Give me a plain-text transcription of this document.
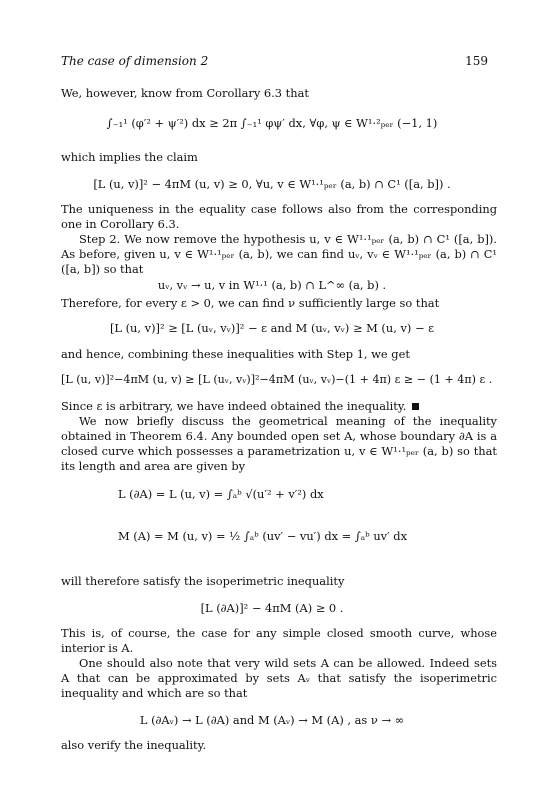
The case of dimension 2	159

We, however, know from Corollary 6.3 that

∫₋₁¹ (φ′² + ψ′²) dx ≥ 2π ∫₋₁¹ φψ′ dx, ∀φ, ψ ∈ W¹·²ₚₑᵣ (−1, 1)

which implies the claim

[L (u, v)]² − 4πM (u, v) ≥ 0, ∀u, v ∈ W¹·¹ₚₑᵣ (a, b) ∩ C¹ ([a, b]) .

The uniqueness in the equality case follows also from the corresponding one in Corollary 6.3.

Step 2. We now remove the hypothesis u, v ∈ W¹·¹ₚₑᵣ (a, b) ∩ C¹ ([a, b]). As before, given u, v ∈ W¹·¹ₚₑᵣ (a, b), we can find uᵥ, vᵥ ∈ W¹·¹ₚₑᵣ (a, b) ∩ C¹ ([a, b]) so that

uᵥ, vᵥ → u, v in W¹·¹ (a, b) ∩ L^∞ (a, b) .

Therefore, for every ε > 0, we can find ν sufficiently large so that

[L (u, v)]² ≥ [L (uᵥ, vᵥ)]² − ε and M (uᵥ, vᵥ) ≥ M (u, v) − ε

and hence, combining these inequalities with Step 1, we get

[L (u, v)]²−4πM (u, v) ≥ [L (uᵥ, vᵥ)]²−4πM (uᵥ, vᵥ)−(1 + 4π) ε ≥ − (1 + 4π) ε .

Since ε is arbitrary, we have indeed obtained the inequality.

We now briefly discuss the geometrical meaning of the inequality obtained in Theorem 6.4. Any bounded open set A, whose boundary ∂A is a closed curve which possesses a parametrization u, v ∈ W¹·¹ₚₑᵣ (a, b) so that its length and area are given by

L (∂A) = L (u, v) = ∫ₐᵇ √(u′² + v′²) dx
M (A) = M (u, v) = ½ ∫ₐᵇ (uv′ − vu′) dx = ∫ₐᵇ uv′ dx

will therefore satisfy the isoperimetric inequality

[L (∂A)]² − 4πM (A) ≥ 0 .

This is, of course, the case for any simple closed smooth curve, whose interior is A.

One should also note that very wild sets A can be allowed. Indeed sets A that can be approximated by sets Aᵥ that satisfy the isoperimetric inequality and which are so that

L (∂Aᵥ) → L (∂A) and M (Aᵥ) → M (A) , as ν → ∞

also verify the inequality.
